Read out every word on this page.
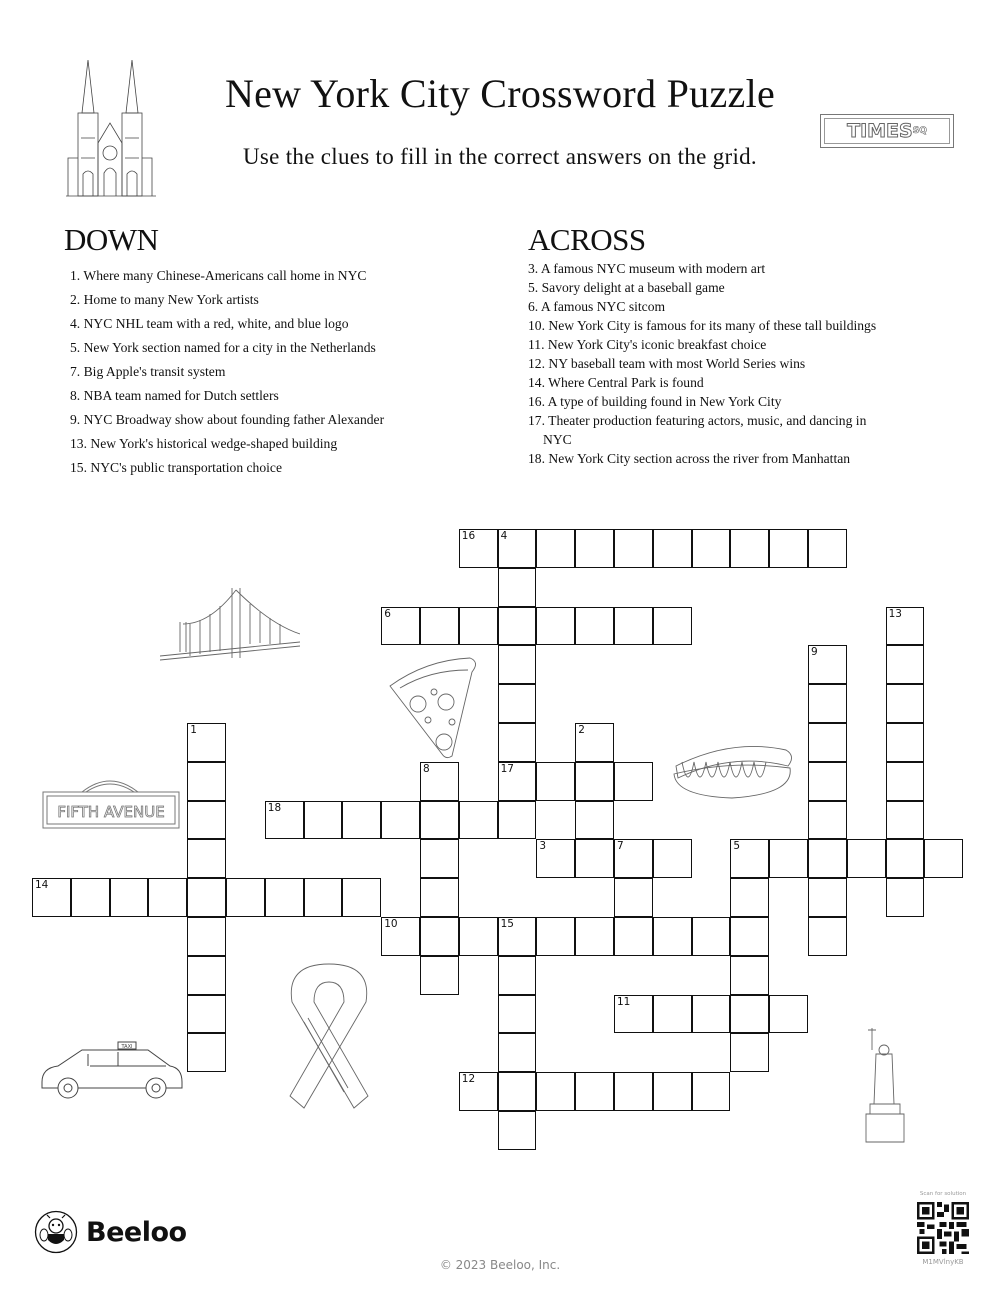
New York City Crossword Puzzle
Use the clues to fill in the correct answers on the grid.
TIMES SQ
DOWN
1. Where many Chinese-Americans call home in NYC
2. Home to many New York artists
4. NYC NHL team with a red, white, and blue logo
5. New York section named for a city in the Netherlands
7. Big Apple's transit system
8. NBA team named for Dutch settlers
9. NYC Broadway show about founding father Alexander
13. New York's historical wedge-shaped building
15. NYC's public transportation choice
ACROSS
3. A famous NYC museum with modern art
5. Savory delight at a baseball game
6. A famous NYC sitcom
10. New York City is famous for its many of these tall buildings
11. New York City's iconic breakfast choice
12. NY baseball team with most World Series wins
14. Where Central Park is found
16. A type of building found in New York City
17. Theater production featuring actors, music, and dancing in NYC
18. New York City section across the river from Manhattan
FIFTH AVENUE
TAXI
16 4
17
6	13
9
1	2
8
18
3	7	5
14
10	15
11
12
Beeloo
© 2023 Beeloo, Inc.
Scan for solution
M1MVlnyKB
